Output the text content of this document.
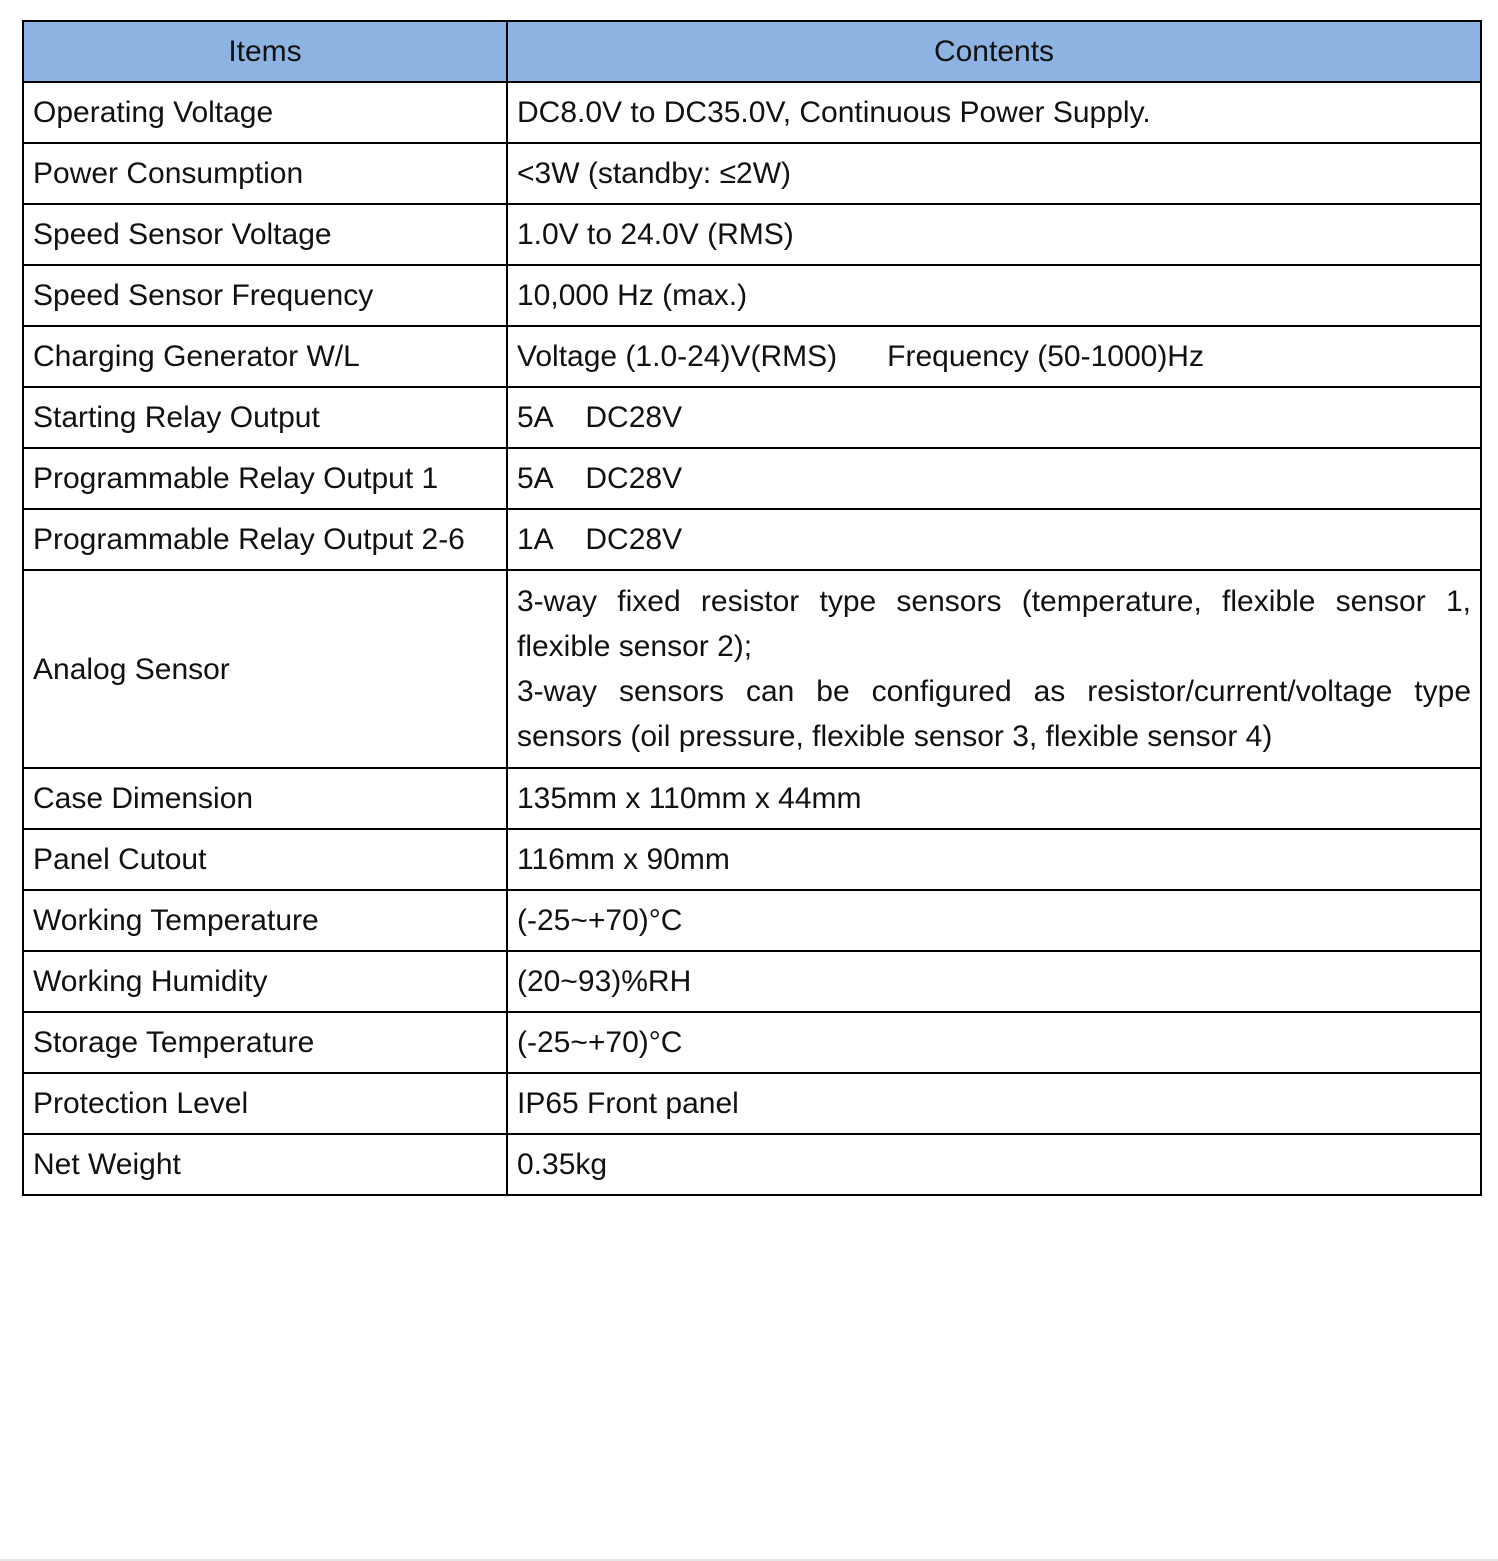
Items	Contents
Operating Voltage	DC8.0V to DC35.0V, Continuous Power Supply.
Power Consumption	<3W (standby: ≤2W)
Speed Sensor Voltage	1.0V to 24.0V (RMS)
Speed Sensor Frequency	10,000 Hz (max.)
Charging Generator W/L	Voltage (1.0-24)V(RMS) Frequency (50-1000)Hz
Starting Relay Output	5A DC28V
Programmable Relay Output 1	5A DC28V
Programmable Relay Output 2-6	1A DC28V
Analog Sensor	3-way fixed resistor type sensors (temperature, flexible sensor 1, flexible sensor 2);
3-way sensors can be configured as resistor/current/voltage type sensors (oil pressure, flexible sensor 3, flexible sensor 4)

Case Dimension	135mm x 110mm x 44mm
Panel Cutout	116mm x 90mm
Working Temperature	(-25~+70)°C
Working Humidity	(20~93)%RH
Storage Temperature	(-25~+70)°C
Protection Level	IP65 Front panel
Net Weight	0.35kg
